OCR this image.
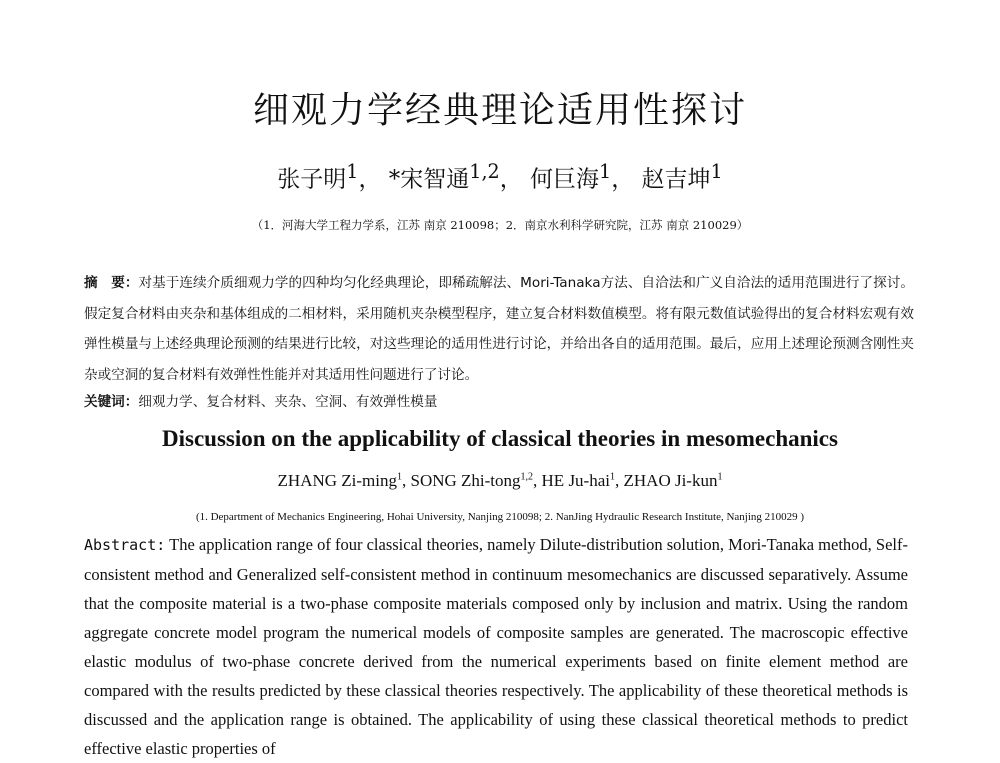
细观力学经典理论适用性探讨
张子明$^1$， *宋智通$^{1,2}$， 何巨海$^1$， 赵吉坤$^1$
（1．河海大学工程力学系，江苏 南京 210098；2．南京水利科学研究院，江苏 南京 210029）
摘　要：对基于连续介质细观力学的四种均匀化经典理论，即稀疏解法、Mori-Tanaka方法、自洽法和广义自洽法的适用范围进行了探讨。假定复合材料由夹杂和基体组成的二相材料，采用随机夹杂模型程序，建立复合材料数值模型。将有限元数值试验得出的复合材料宏观有效弹性模量与上述经典理论预测的结果进行比较，对这些理论的适用性进行讨论，并给出各自的适用范围。最后，应用上述理论预测含刚性夹杂或空洞的复合材料有效弹性性能并对其适用性问题进行了讨论。
关键词：细观力学、复合材料、夹杂、空洞、有效弹性模量
Discussion on the applicability of classical theories in mesomechanics
ZHANG Zi-ming$^1$, SONG Zhi-tong$^{1,2}$, HE Ju-hai$^1$, ZHAO Ji-kun$^1$
(1. Department of Mechanics Engineering, Hohai University, Nanjing 210098; 2. NanJing Hydraulic Research Institute, Nanjing 210029 )
Abstract: The application range of four classical theories, namely Dilute-distribution solution, Mori-Tanaka method, Self-consistent method and Generalized self-consistent method in continuum mesomechanics are discussed separatively. Assume that the composite material is a two-phase composite materials composed only by inclusion and matrix. Using the random aggregate concrete model program the numerical models of composite samples are generated. The macroscopic effective elastic modulus of two-phase concrete derived from the numerical experiments based on finite element method are compared with the results predicted by these classical theories respectively. The applicability of these theoretical methods is discussed and the application range is obtained. The applicability of using these classical theoretical methods to predict effective elastic properties of
